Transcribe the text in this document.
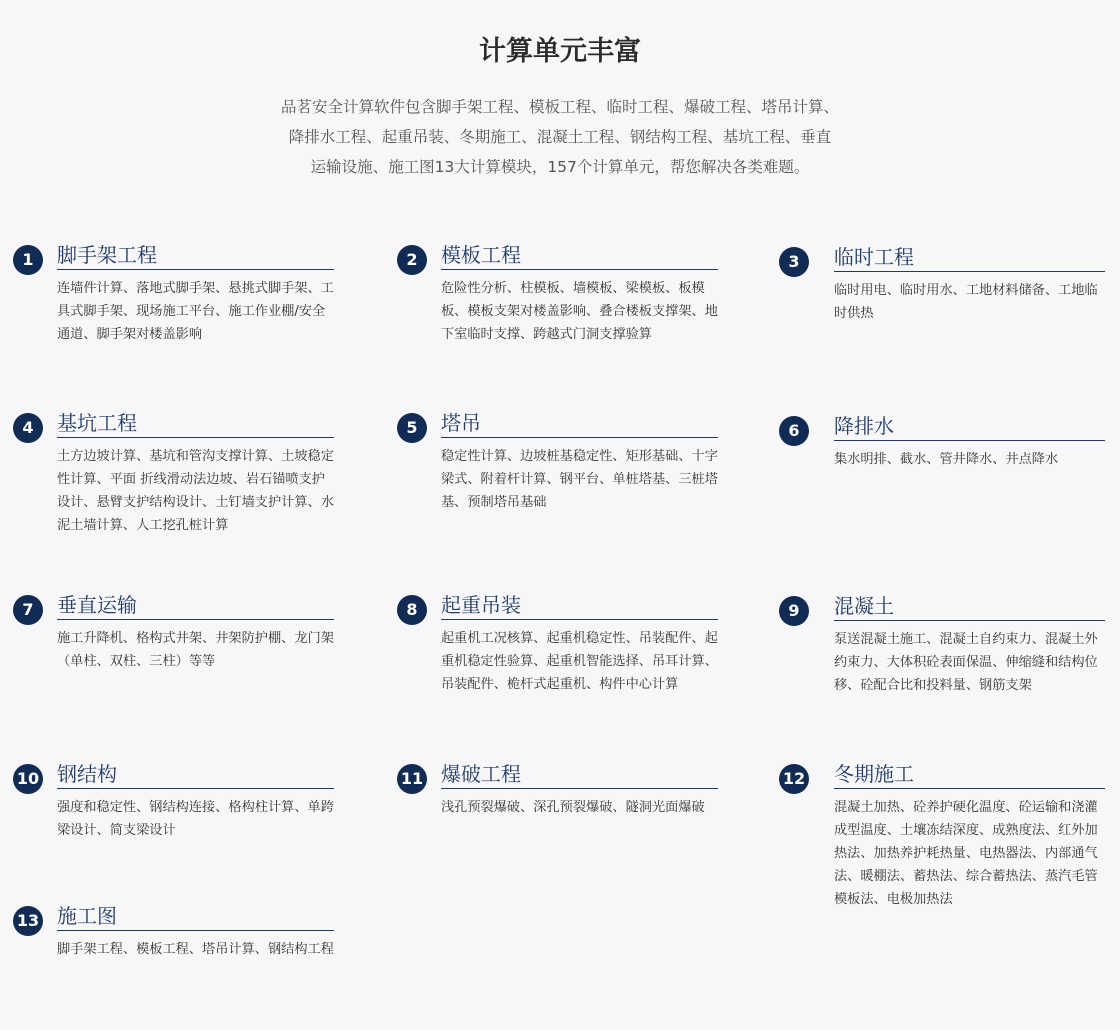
计算单元丰富

品茗安全计算软件包含脚手架工程、模板工程、临时工程、爆破工程、塔吊计算、
降排水工程、起重吊装、冬期施工、混凝土工程、钢结构工程、基坑工程、垂直
运输设施、施工图13大计算模块，157个计算单元，帮您解决各类难题。

1	脚手架工程
连墙件计算、落地式脚手架、悬挑式脚手架、工具式脚手架、现场施工平台、施工作业棚/安全通道、脚手架对楼盖影响
2	模板工程
危险性分析、柱模板、墙模板、梁模板、板模板、模板支架对楼盖影响、叠合楼板支撑架、地下室临时支撑、跨越式门洞支撑验算
3	临时工程
临时用电、临时用水、工地材料储备、工地临时供热
4	基坑工程
土方边坡计算、基坑和管沟支撑计算、土坡稳定性计算、平面 折线滑动法边坡、岩石锚喷支护设计、悬臂支护结构设计、土钉墙支护计算、水泥土墙计算、人工挖孔桩计算
5	塔吊
稳定性计算、边坡桩基稳定性、矩形基础、十字梁式、附着杆计算、钢平台、单桩塔基、三桩塔基、预制塔吊基础
6	降排水
集水明排、截水、管井降水、井点降水
7	垂直运输
施工升降机、格构式井架、井架防护棚、龙门架（单柱、双柱、三柱）等等
8	起重吊装
起重机工况核算、起重机稳定性、吊装配件、起重机稳定性验算、起重机智能选择、吊耳计算、吊装配件、桅杆式起重机、构件中心计算
9	混凝土
泵送混凝土施工、混凝土自约束力、混凝土外约束力、大体积砼表面保温、伸缩缝和结构位移、砼配合比和投料量、钢筋支架
10 钢结构
强度和稳定性、钢结构连接、格构柱计算、单跨梁设计、简支梁设计
11 爆破工程
浅孔预裂爆破、深孔预裂爆破、隧洞光面爆破
12 冬期施工
混凝土加热、砼养护硬化温度、砼运输和浇灌成型温度、土壤冻结深度、成熟度法、红外加热法、加热养护耗热量、电热器法、内部通气法、暖棚法、蓄热法、综合蓄热法、蒸汽毛管模板法、电极加热法
13 施工图
脚手架工程、模板工程、塔吊计算、钢结构工程
